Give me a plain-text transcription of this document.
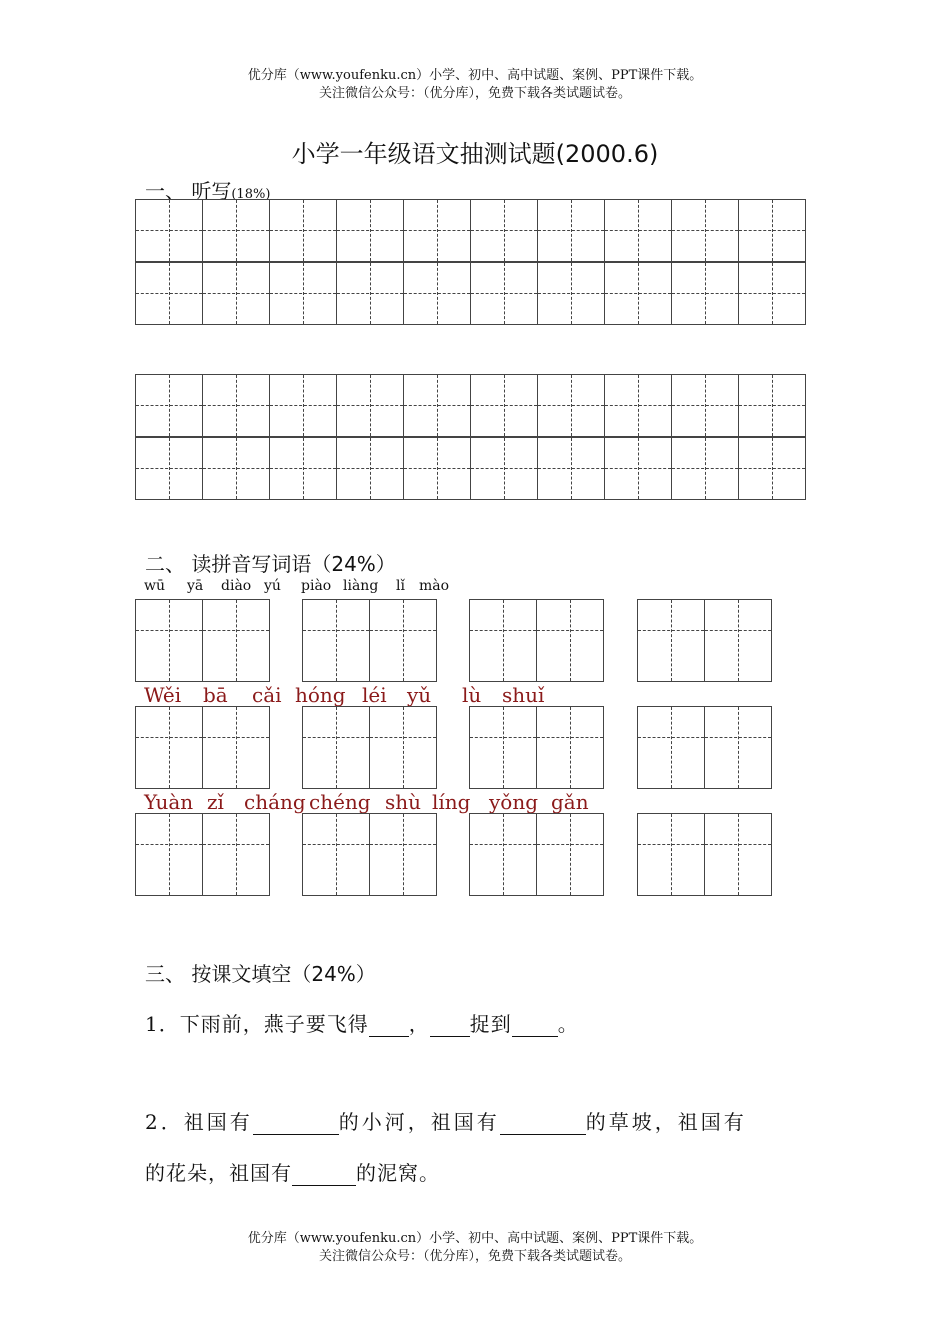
优分库（www.youfenku.cn）小学、初中、高中试题、案例、PPT课件下载。
关注微信公众号：（优分库），免费下载各类试题试卷。
小学一年级语文抽测试题(2000.6)
一、 听写(18%)
二、 读拼音写词语（24%）
wū yā diào yú piào liàng lǐ mào
Wěi bā cǎi hóng léi yǔ lù shuǐ
Yuàn zǐ cháng chéng shù líng yǒng gǎn
三、 按课文填空（24%）
1．下雨前，燕子要飞得 ， 捉到 。
2．祖国有	的小河，祖国有	的草坡，祖国有
的花朵，祖国有	的泥窝。
优分库（www.youfenku.cn）小学、初中、高中试题、案例、PPT课件下载。
关注微信公众号：（优分库），免费下载各类试题试卷。
